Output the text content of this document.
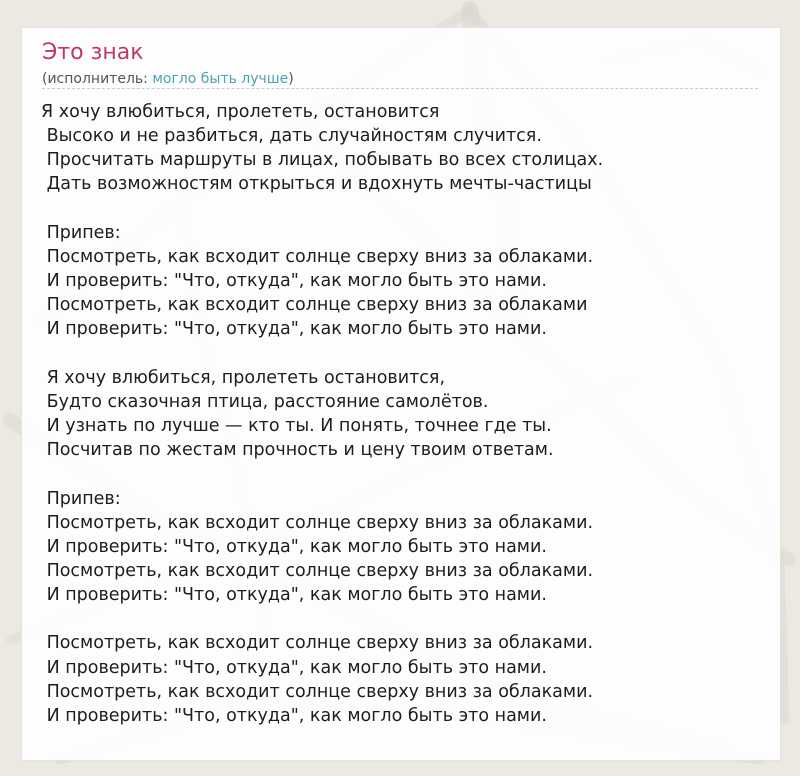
Это знак
(исполнитель: могло быть лучше)
Я хочу влюбиться, пролететь, остановится
Высоко и не разбиться, дать случайностям случится.
Просчитать маршруты в лицах, побывать во всех столицах.
Дать возможностям открыться и вдохнуть мечты-частицы

Припев:
Посмотреть, как всходит солнце сверху вниз за облаками.
И проверить: "Что, откуда", как могло быть это нами.
Посмотреть, как всходит солнце сверху вниз за облаками
И проверить: "Что, откуда", как могло быть это нами.

Я хочу влюбиться, пролететь остановится,
Будто сказочная птица, расстояние самолётов.
И узнать по лучше — кто ты. И понять, точнее где ты.
Посчитав по жестам прочность и цену твоим ответам.

Припев:
Посмотреть, как всходит солнце сверху вниз за облаками.
И проверить: "Что, откуда", как могло быть это нами.
Посмотреть, как всходит солнце сверху вниз за облаками.
И проверить: "Что, откуда", как могло быть это нами.

Посмотреть, как всходит солнце сверху вниз за облаками.
И проверить: "Что, откуда", как могло быть это нами.
Посмотреть, как всходит солнце сверху вниз за облаками.
И проверить: "Что, откуда", как могло быть это нами.
